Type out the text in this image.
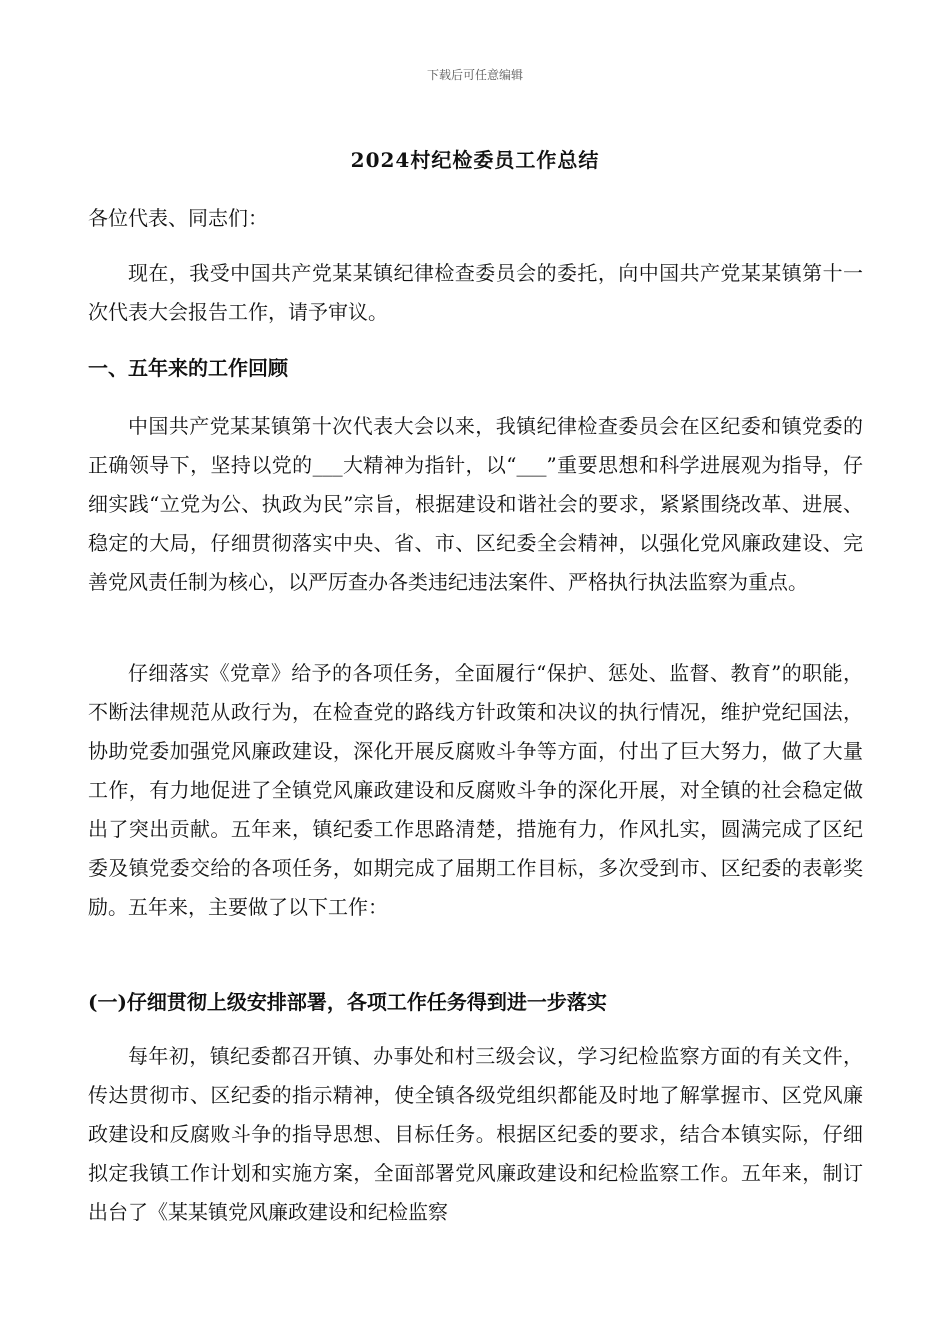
下载后可任意编辑
2024村纪检委员工作总结

各位代表、同志们：

现在，我受中国共产党某某镇纪律检查委员会的委托，向中国共产党某某镇第十一次代表大会报告工作，请予审议。

一、五年来的工作回顾

中国共产党某某镇第十次代表大会以来，我镇纪律检查委员会在区纪委和镇党委的正确领导下，坚持以党的___大精神为指针，以“___”重要思想和科学进展观为指导，仔细实践“立党为公、执政为民”宗旨，根据建设和谐社会的要求，紧紧围绕改革、进展、稳定的大局，仔细贯彻落实中央、省、市、区纪委全会精神，以强化党风廉政建设、完善党风责任制为核心，以严厉查办各类违纪违法案件、严格执行执法监察为重点。

仔细落实《党章》给予的各项任务，全面履行“保护、惩处、监督、教育”的职能，不断法律规范从政行为，在检查党的路线方针政策和决议的执行情况，维护党纪国法，协助党委加强党风廉政建设，深化开展反腐败斗争等方面，付出了巨大努力，做了大量工作，有力地促进了全镇党风廉政建设和反腐败斗争的深化开展，对全镇的社会稳定做出了突出贡献。五年来，镇纪委工作思路清楚，措施有力，作风扎实，圆满完成了区纪委及镇党委交给的各项任务，如期完成了届期工作目标，多次受到市、区纪委的表彰奖励。五年来，主要做了以下工作：

(一)仔细贯彻上级安排部署，各项工作任务得到进一步落实

每年初，镇纪委都召开镇、办事处和村三级会议，学习纪检监察方面的有关文件，传达贯彻市、区纪委的指示精神，使全镇各级党组织都能及时地了解掌握市、区党风廉政建设和反腐败斗争的指导思想、目标任务。根据区纪委的要求，结合本镇实际，仔细拟定我镇工作计划和实施方案，全面部署党风廉政建设和纪检监察工作。五年来，制订出台了《某某镇党风廉政建设和纪检监察
